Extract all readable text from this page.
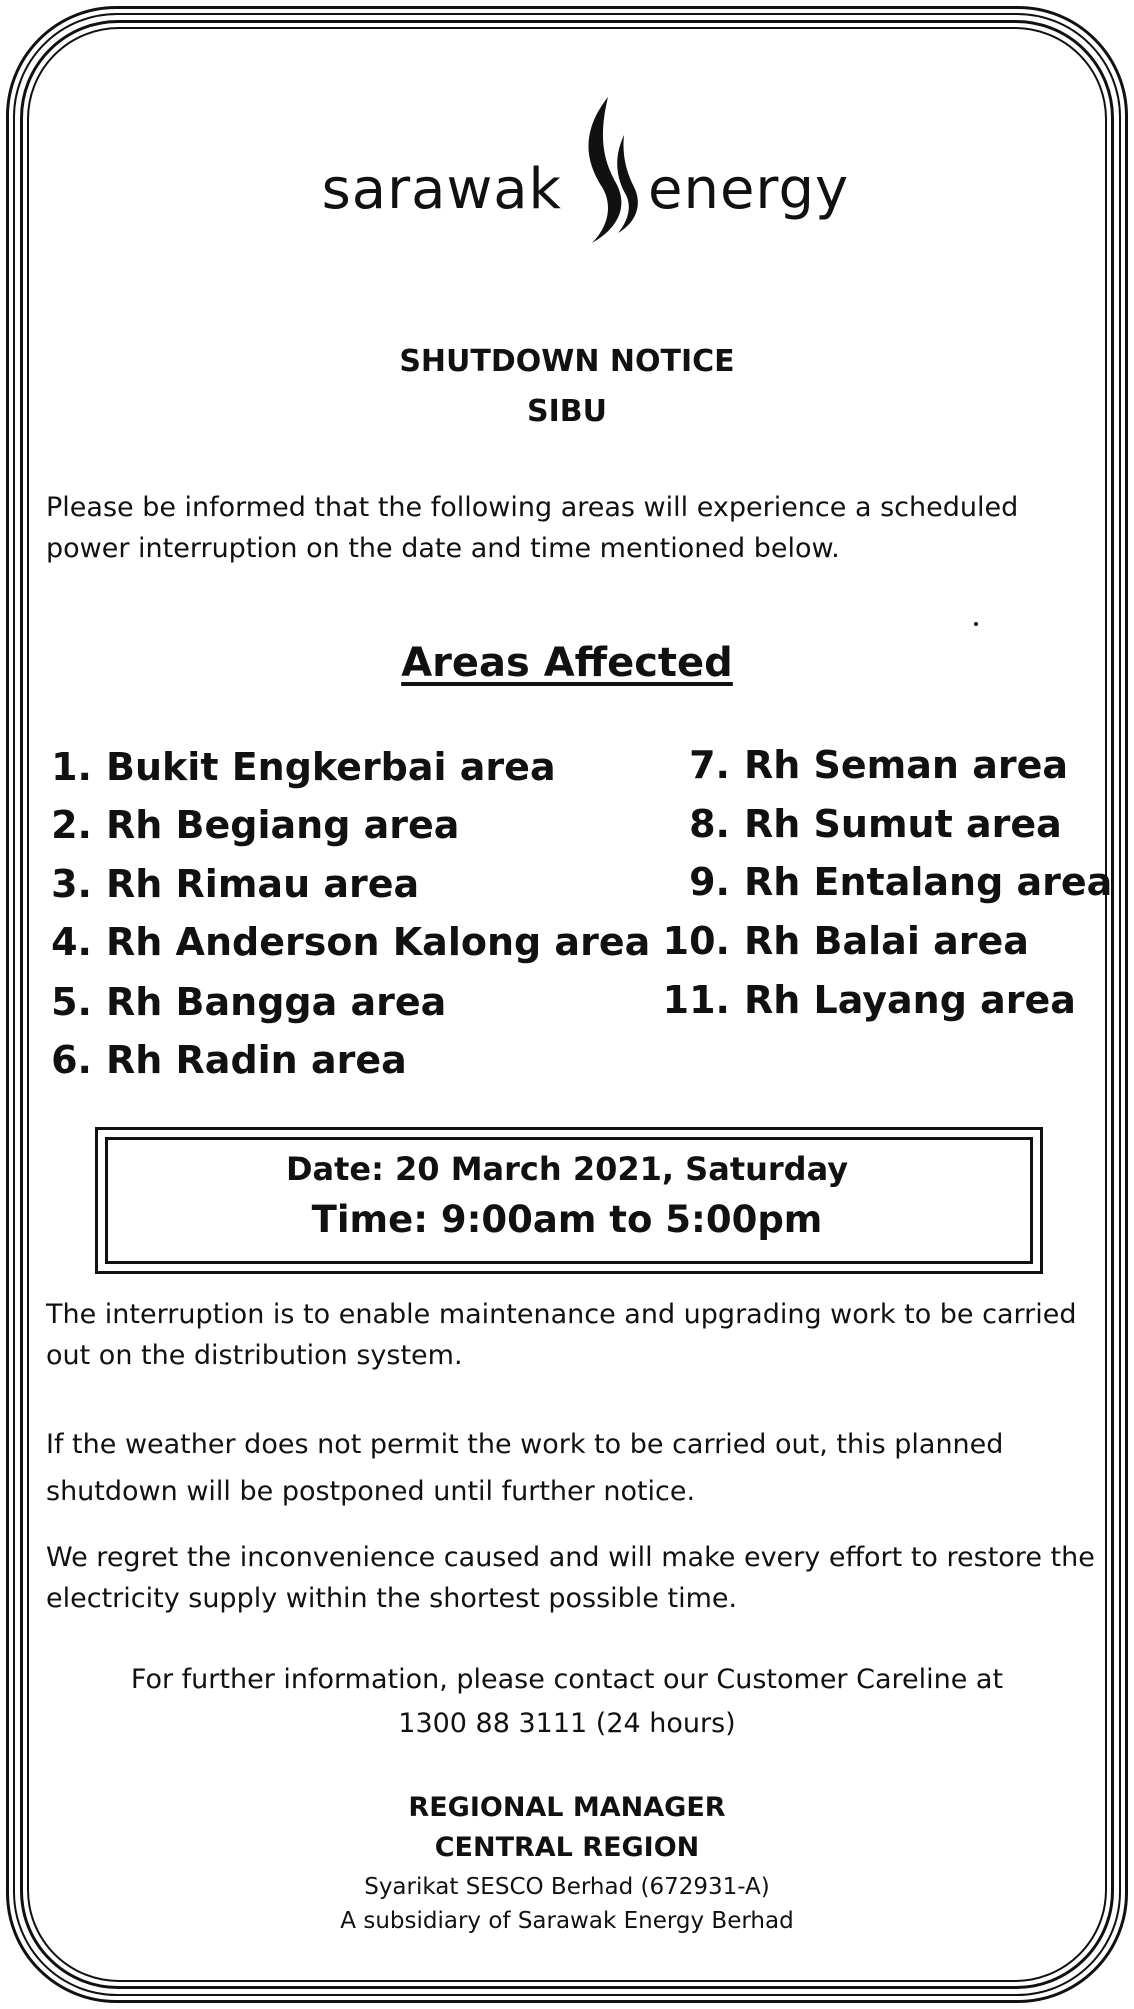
sarawak energy
SHUTDOWN NOTICE
SIBU
Please be informed that the following areas will experience a scheduled power interruption on the date and time mentioned below.
Areas Affected
1. Bukit Engkerbai area
2. Rh Begiang area
3. Rh Rimau area
4. Rh Anderson Kalong area
5. Rh Bangga area
6. Rh Radin area
7. Rh Seman area
8. Rh Sumut area
9. Rh Entalang area
10. Rh Balai area
11. Rh Layang area
Date: 20 March 2021, Saturday
Time: 9:00am to 5:00pm
The interruption is to enable maintenance and upgrading work to be carried out on the distribution system.
If the weather does not permit the work to be carried out, this planned shutdown will be postponed until further notice.
We regret the inconvenience caused and will make every effort to restore the electricity supply within the shortest possible time.
For further information, please contact our Customer Careline at
1300 88 3111 (24 hours)
REGIONAL MANAGER
CENTRAL REGION
Syarikat SESCO Berhad (672931-A)
A subsidiary of Sarawak Energy Berhad
